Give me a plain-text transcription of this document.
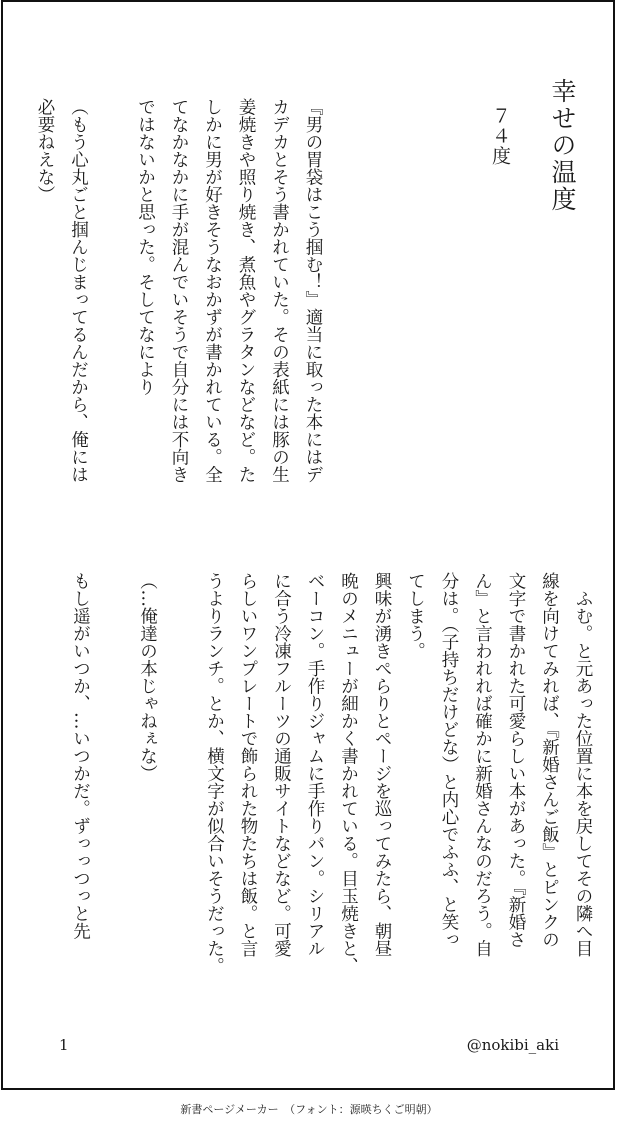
幸せの温度

７４度

『男の胃袋はこう掴む！』適当に取った本にはデ
カデカとそう書かれていた。その表紙には豚の生
姜焼きや照り焼き、煮魚やグラタンなどなど。た
しかに男が好きそうなおかずが書かれている。全
てなかなかに手が混んでいそうで自分には不向き
ではないかと思った。そしてなにより

（もう心丸ごと掴んじまってるんだから、俺には
必要ねえな）

　ふむ。と元あった位置に本を戻してその隣へ目
線を向けてみれば、『新婚さんご飯』とピンクの
文字で書かれた可愛らしい本があった。『新婚さ
ん』と言われれば確かに新婚さんなのだろう。自
分は。（子持ちだけどな）と内心でふふ、と笑っ
てしまう。
興味が湧きぺらりとページを巡ってみたら、朝昼
晩のメニューが細かく書かれている。目玉焼きと、
ベーコン。手作りジャムに手作りパン。シリアル
に合う冷凍フルーツの通販サイトなどなど。可愛
らしいワンプレートで飾られた物たちは飯。と言
うよりランチ。とか、横文字が似合いそうだった。

（…俺達の本じゃねぇな）

もし遥がいつか、…いつかだ。ずっっつっと先

1	@nokibi_aki
新書ページメーカー　（フォント：源暎ちくご明朝）
